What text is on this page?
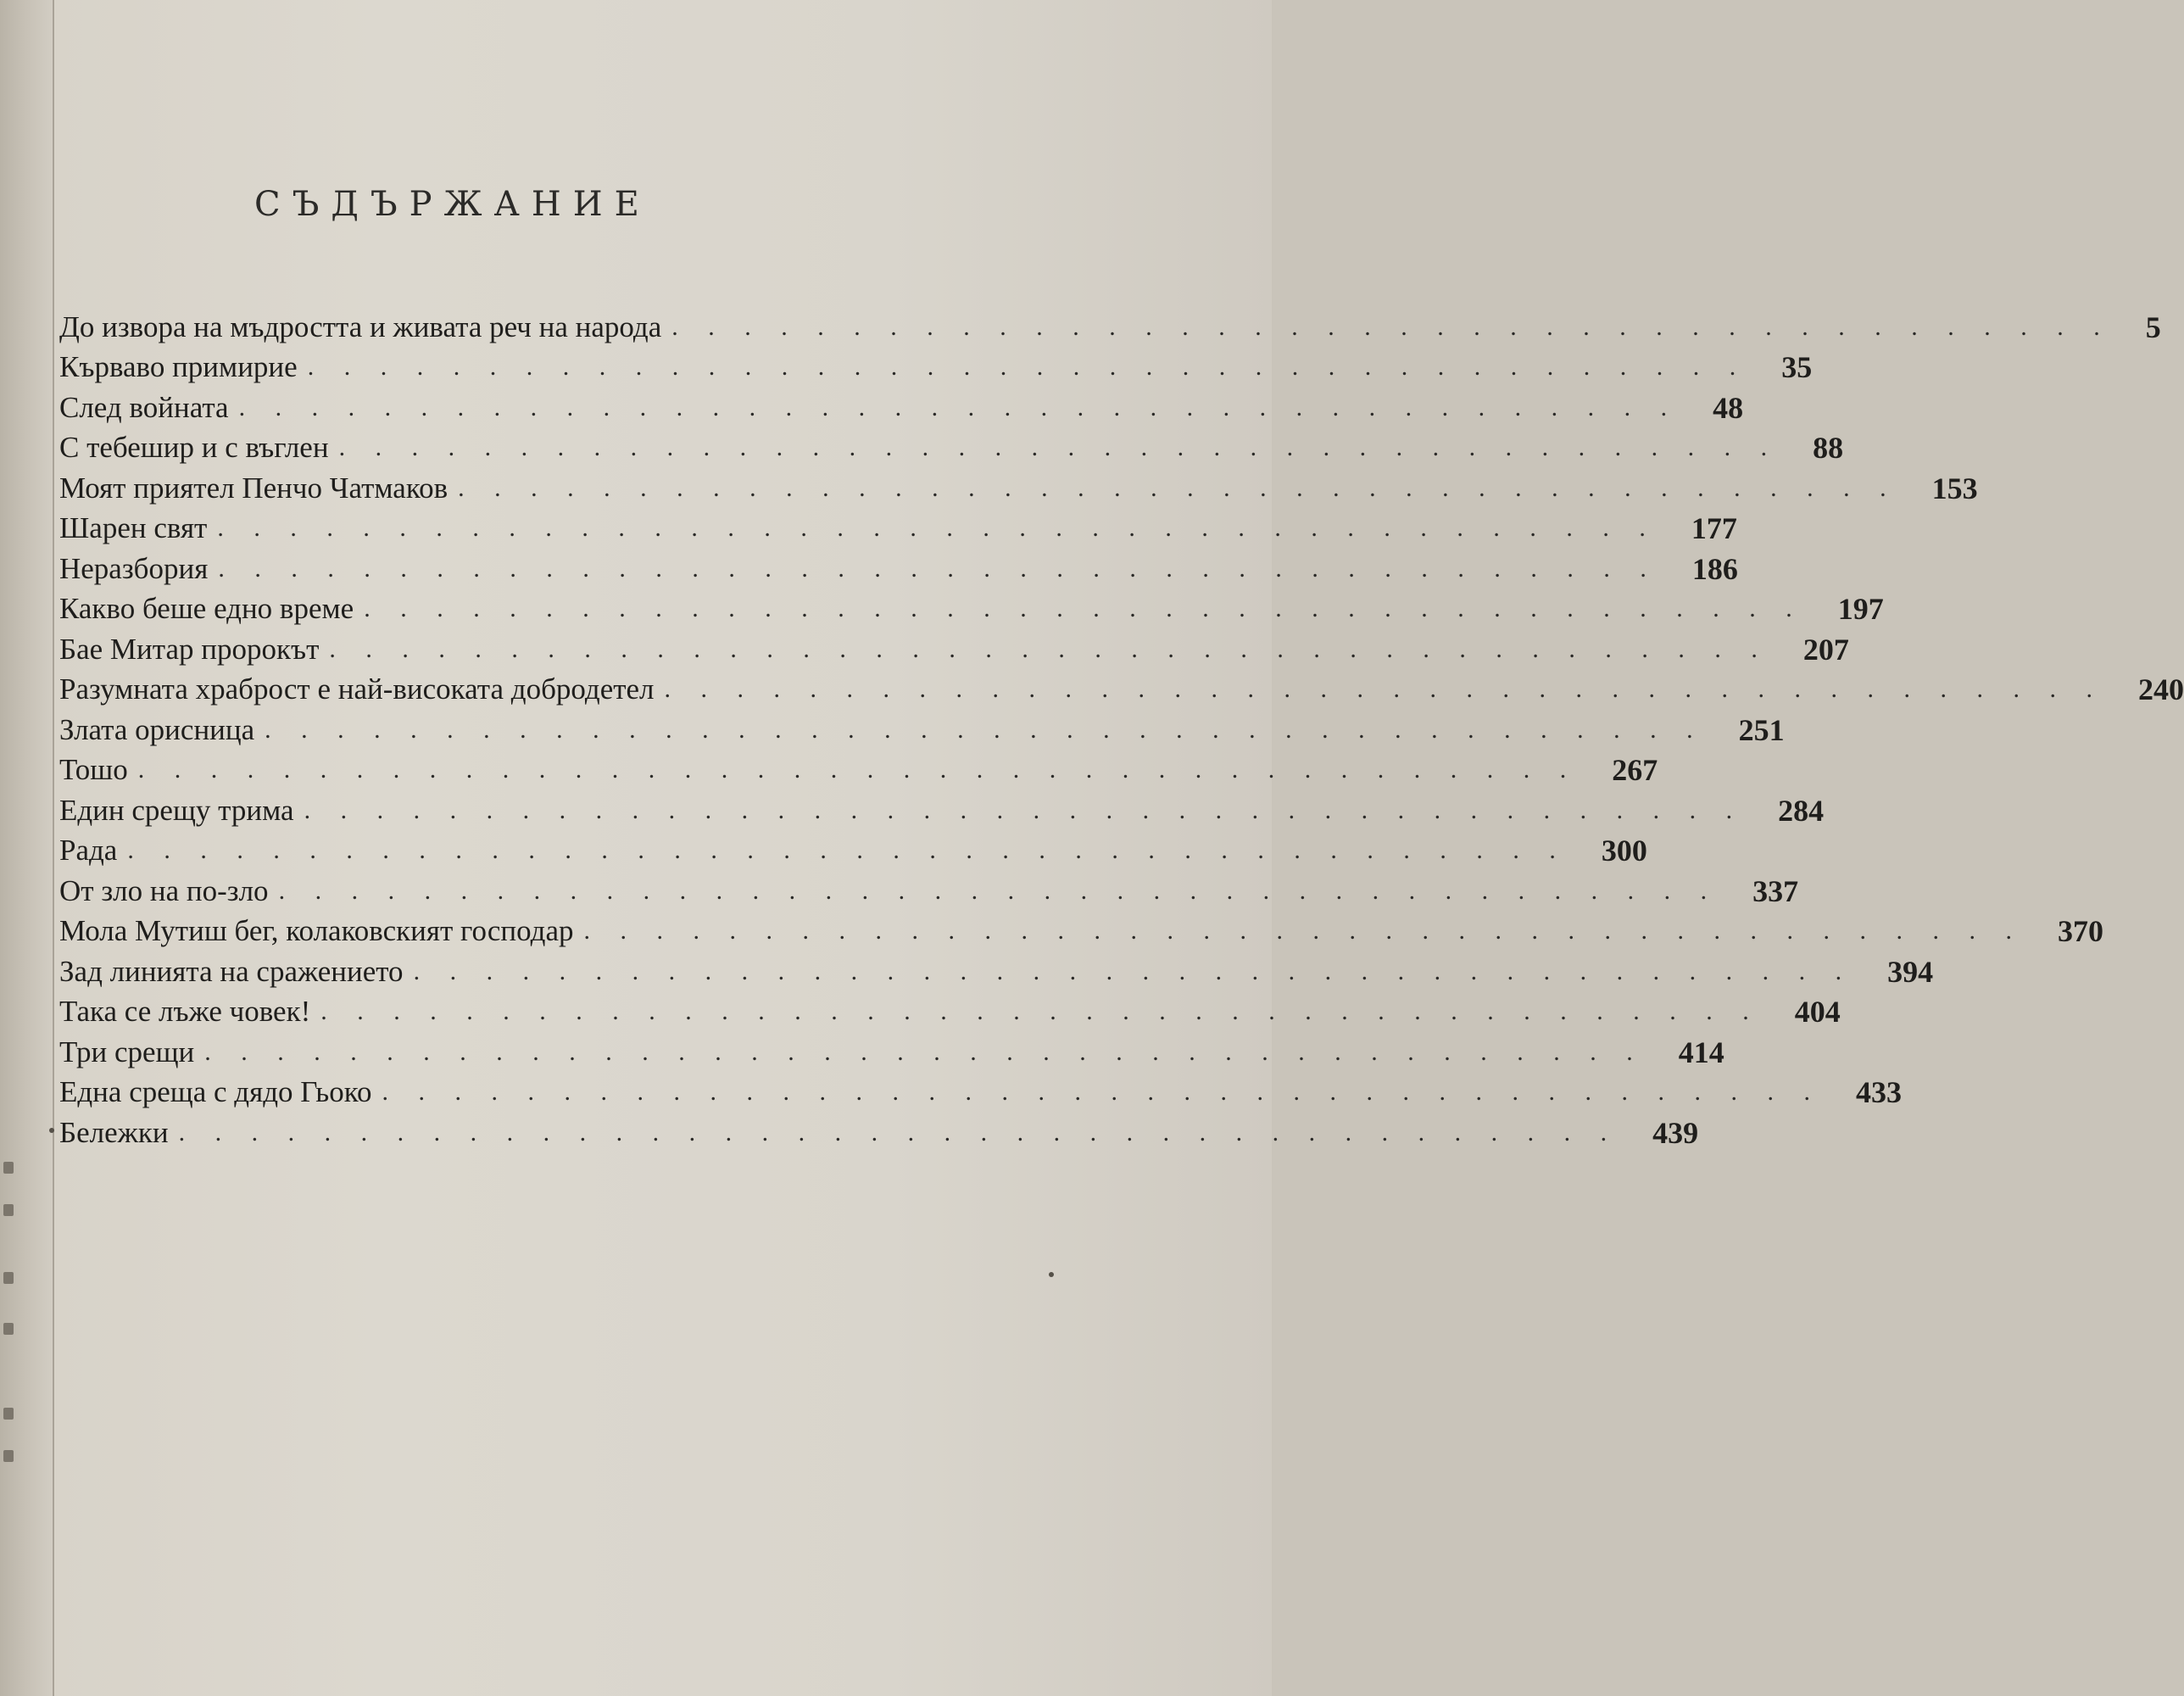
СЪДЪРЖАНИЕ
До извора на мъдростта и живата реч на народа . . . . . . . . . . . . . . . . . . . . . . . . . . . . . . . . . . . . . . . . 5
Кърваво примирие . . . . . . . . . . . . . . . . . . . . . . . . . . . . . . . . . . . . . . . . 35
След войната . . . . . . . . . . . . . . . . . . . . . . . . . . . . . . . . . . . . . . . . 48
С тебешир и с въглен . . . . . . . . . . . . . . . . . . . . . . . . . . . . . . . . . . . . . . . . 88
Моят приятел Пенчо Чатмаков . . . . . . . . . . . . . . . . . . . . . . . . . . . . . . . . . . . . . . . . 153
Шарен свят . . . . . . . . . . . . . . . . . . . . . . . . . . . . . . . . . . . . . . . . 177
Неразбория . . . . . . . . . . . . . . . . . . . . . . . . . . . . . . . . . . . . . . . . 186
Какво беше едно време . . . . . . . . . . . . . . . . . . . . . . . . . . . . . . . . . . . . . . . . 197
Бае Митар пророкът . . . . . . . . . . . . . . . . . . . . . . . . . . . . . . . . . . . . . . . . 207
Разумната храброст е най-високата добродетел . . . . . . . . . . . . . . . . . . . . . . . . . . . . . . . . . . . . . . . . 240
Злата орисница . . . . . . . . . . . . . . . . . . . . . . . . . . . . . . . . . . . . . . . . 251
Тошо . . . . . . . . . . . . . . . . . . . . . . . . . . . . . . . . . . . . . . . . 267
Един срещу трима . . . . . . . . . . . . . . . . . . . . . . . . . . . . . . . . . . . . . . . . 284
Рада . . . . . . . . . . . . . . . . . . . . . . . . . . . . . . . . . . . . . . . . 300
От зло на по-зло . . . . . . . . . . . . . . . . . . . . . . . . . . . . . . . . . . . . . . . . 337
Мола Мутиш бег, колаковският господар . . . . . . . . . . . . . . . . . . . . . . . . . . . . . . . . . . . . . . . . 370
Зад линията на сражението . . . . . . . . . . . . . . . . . . . . . . . . . . . . . . . . . . . . . . . . 394
Така се лъже човек! . . . . . . . . . . . . . . . . . . . . . . . . . . . . . . . . . . . . . . . . 404
Три срещи . . . . . . . . . . . . . . . . . . . . . . . . . . . . . . . . . . . . . . . . 414
Една среща с дядо Гьоко . . . . . . . . . . . . . . . . . . . . . . . . . . . . . . . . . . . . . . . . 433
Бележки . . . . . . . . . . . . . . . . . . . . . . . . . . . . . . . . . . . . . . . . 439
